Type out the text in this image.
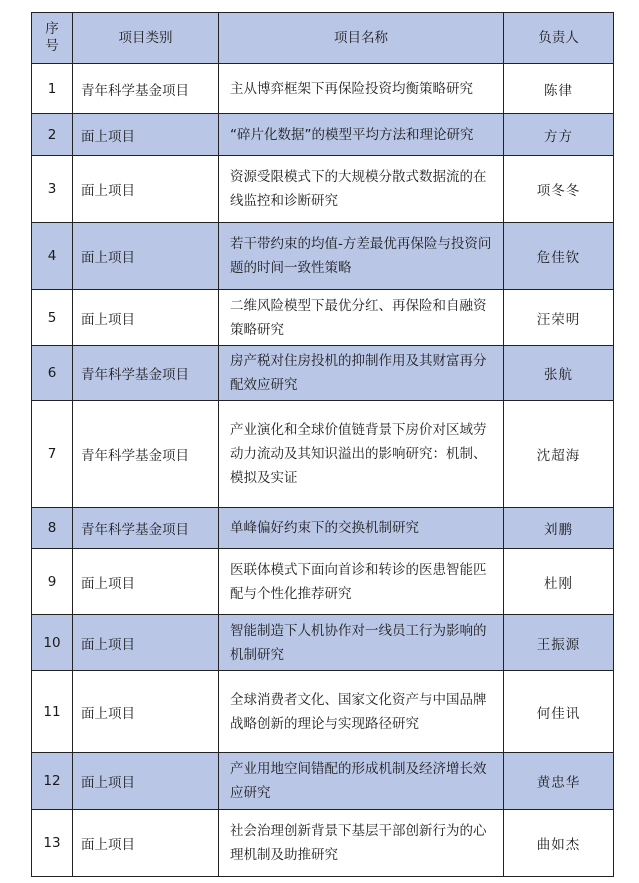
序号	项目类别	项目名称	负责人
1	青年科学基金项目	主从博弈框架下再保险投资均衡策略研究	陈律
2	面上项目	“碎片化数据”的模型平均方法和理论研究	方方
3	面上项目	资源受限模式下的大规模分散式数据流的在线监控和诊断研究	项冬冬
4	面上项目	若干带约束的均值-方差最优再保险与投资问题的时间一致性策略	危佳钦
5	面上项目	二维风险模型下最优分红、再保险和自融资策略研究	汪荣明
6	青年科学基金项目	房产税对住房投机的抑制作用及其财富再分配效应研究	张航
7	青年科学基金项目	产业演化和全球价值链背景下房价对区域劳动力流动及其知识溢出的影响研究：机制、模拟及实证	沈超海
8	青年科学基金项目	单峰偏好约束下的交换机制研究	刘鹏
9	面上项目	医联体模式下面向首诊和转诊的医患智能匹配与个性化推荐研究	杜刚
10	面上项目	智能制造下人机协作对一线员工行为影响的机制研究	王振源
11	面上项目	全球消费者文化、国家文化资产与中国品牌战略创新的理论与实现路径研究	何佳讯
12	面上项目	产业用地空间错配的形成机制及经济增长效应研究	黄忠华
13	面上项目	社会治理创新背景下基层干部创新行为的心理机制及助推研究	曲如杰
